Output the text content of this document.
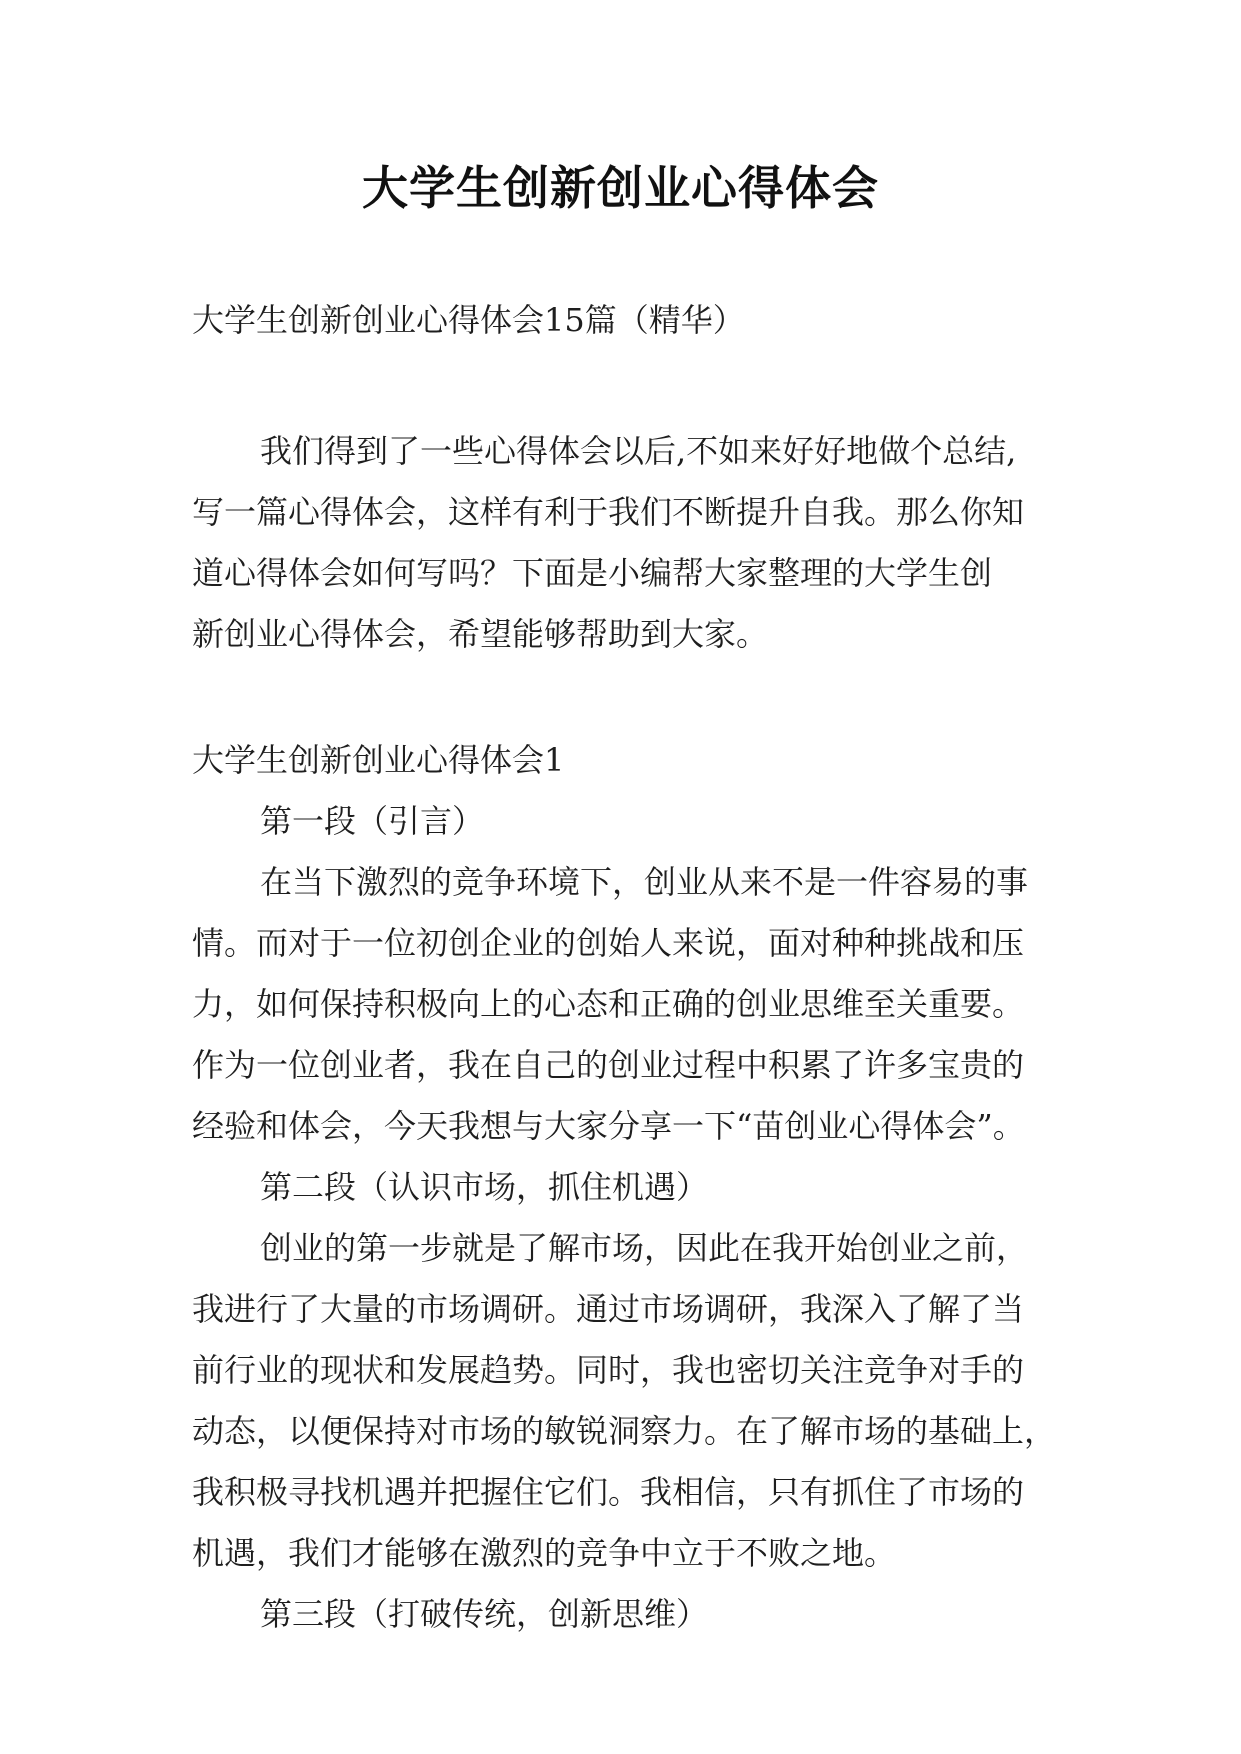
大学生创新创业心得体会
大学生创新创业心得体会15篇（精华）
我们得到了一些心得体会以后,不如来好好地做个总结,
写一篇心得体会，这样有利于我们不断提升自我。那么你知
道心得体会如何写吗？下面是小编帮大家整理的大学生创
新创业心得体会，希望能够帮助到大家。
大学生创新创业心得体会1
第一段（引言）
在当下激烈的竞争环境下，创业从来不是一件容易的事
情。而对于一位初创企业的创始人来说，面对种种挑战和压
力，如何保持积极向上的心态和正确的创业思维至关重要。
作为一位创业者，我在自己的创业过程中积累了许多宝贵的
经验和体会，今天我想与大家分享一下“苗创业心得体会”。
第二段（认识市场，抓住机遇）
创业的第一步就是了解市场，因此在我开始创业之前，
我进行了大量的市场调研。通过市场调研，我深入了解了当
前行业的现状和发展趋势。同时，我也密切关注竞争对手的
动态，以便保持对市场的敏锐洞察力。在了解市场的基础上，
我积极寻找机遇并把握住它们。我相信，只有抓住了市场的
机遇，我们才能够在激烈的竞争中立于不败之地。
第三段（打破传统，创新思维）
